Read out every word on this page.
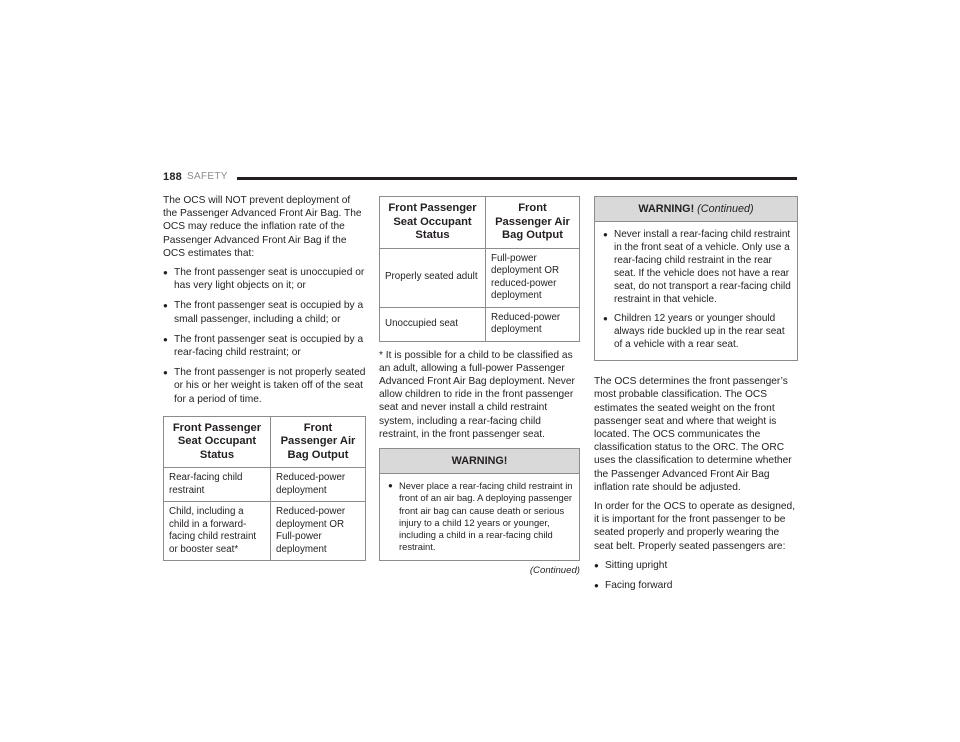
188 SAFETY

The OCS will NOT prevent deployment of the Passenger Advanced Front Air Bag. The OCS may reduce the inflation rate of the Passenger Advanced Front Air Bag if the OCS estimates that:

● The front passenger seat is unoccupied or has very light objects on it; or
● The front passenger seat is occupied by a small passenger, including a child; or
● The front passenger seat is occupied by a rear-facing child restraint; or
● The front passenger is not properly seated or his or her weight is taken off of the seat for a period of time.
Front Passenger Seat Occupant Status	Front Passenger Air Bag Output
Rear-facing child restraint	Reduced-power deployment
Child, including a child in a forward-facing child restraint or booster seat*	Reduced-power deployment OR Full-power deployment
Front Passenger Seat Occupant Status	Front Passenger Air Bag Output
Properly seated adult	Full-power deployment OR reduced-power deployment
Unoccupied seat	Reduced-power deployment

* It is possible for a child to be classified as an adult, allowing a full-power Passenger Advanced Front Air Bag deployment. Never allow children to ride in the front passenger seat and never install a child restraint system, including a rear-facing child restraint, in the front passenger seat.

WARNING!
● Never place a rear-facing child restraint in front of an air bag. A deploying passenger front air bag can cause death or serious injury to a child 12 years or younger, including a child in a rear-facing child restraint.
(Continued)
WARNING! (Continued)
● Never install a rear-facing child restraint in the front seat of a vehicle. Only use a rear-facing child restraint in the rear seat. If the vehicle does not have a rear seat, do not transport a rear-facing child restraint in that vehicle.
● Children 12 years or younger should always ride buckled up in the rear seat of a vehicle with a rear seat.

The OCS determines the front passenger’s most probable classification. The OCS estimates the seated weight on the front passenger seat and where that weight is located. The OCS communicates the classification status to the ORC. The ORC uses the classification to determine whether the Passenger Advanced Front Air Bag inflation rate should be adjusted.

In order for the OCS to operate as designed, it is important for the front passenger to be seated properly and properly wearing the seat belt. Properly seated passengers are:

● Sitting upright
● Facing forward
